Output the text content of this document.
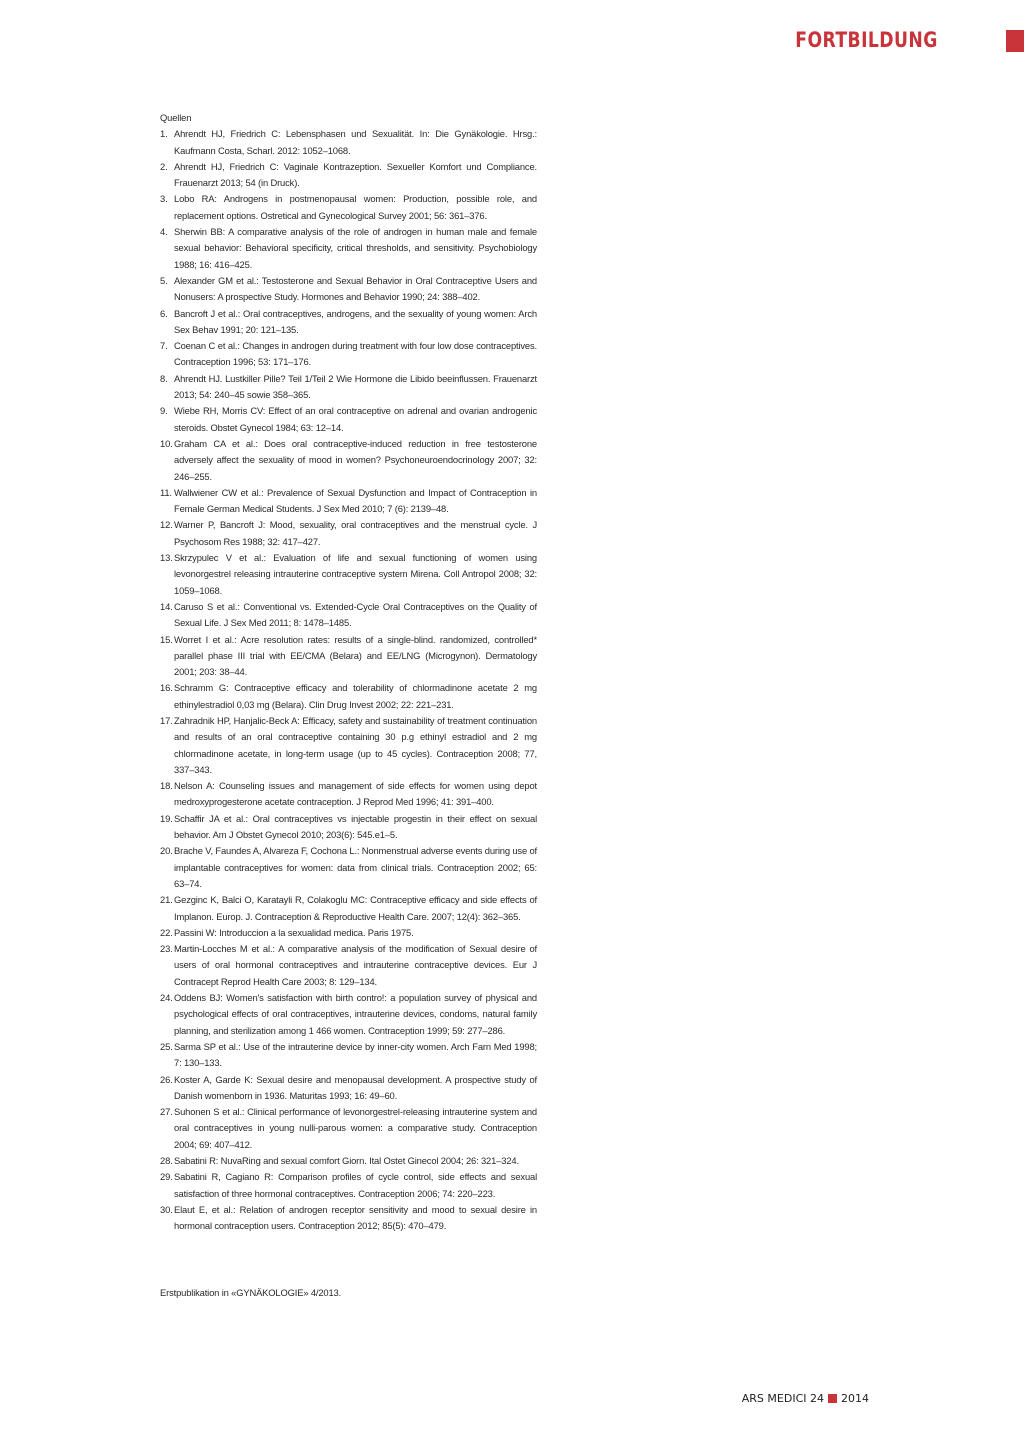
FORTBILDUNG
Quellen
1. Ahrendt HJ, Friedrich C: Lebensphasen und Sexualität. In: Die Gynäkologie. Hrsg.: Kaufmann Costa, Scharl. 2012: 1052–1068.
2. Ahrendt HJ, Friedrich C: Vaginale Kontrazeption. Sexueller Komfort und Compliance. Frauenarzt 2013; 54 (in Druck).
3. Lobo RA: Androgens in postmenopausal women: Production, possible role, and replacement options. Ostretical and Gynecological Survey 2001; 56: 361–376.
4. Sherwin BB: A comparative analysis of the role of androgen in human male and female sexual behavior: Behavioral specificity, critical thresholds, and sensitivity. Psychobiology 1988; 16: 416–425.
5. Alexander GM et al.: Testosterone and Sexual Behavior in Oral Contraceptive Users and Nonusers: A prospective Study. Hormones and Behavior 1990; 24: 388–402.
6. Bancroft J et al.: Oral contraceptives, androgens, and the sexuality of young women: Arch Sex Behav 1991; 20: 121–135.
7. Coenan C et al.: Changes in androgen during treatment with four low dose contraceptives. Contraception 1996; 53: 171–176.
8. Ahrendt HJ. Lustkiller Pille? Teil 1/Teil 2 Wie Hormone die Libido beeinflussen. Frauenarzt 2013; 54: 240–45 sowie 358–365.
9. Wiebe RH, Morris CV: Effect of an oral contraceptive on adrenal and ovarian androgenic steroids. Obstet Gynecol 1984; 63: 12–14.
10. Graham CA et al.: Does oral contraceptive-induced reduction in free testosterone adversely affect the sexuality of mood in women? Psychoneuroendocrinology 2007; 32: 246–255.
11. Wallwiener CW et al.: Prevalence of Sexual Dysfunction and Impact of Contraception in Female German Medical Students. J Sex Med 2010; 7 (6): 2139–48.
12. Warner P, Bancroft J: Mood, sexuality, oral contraceptives and the menstrual cycle. J Psychosom Res 1988; 32: 417–427.
13. Skrzypulec V et al.: Evaluation of life and sexual functioning of women using levonorgestrel releasing intrauterine contraceptive system Mirena. Coll Antropol 2008; 32: 1059–1068.
14. Caruso S et al.: Conventional vs. Extended-Cycle Oral Contraceptives on the Quality of Sexual Life. J Sex Med 2011; 8: 1478–1485.
15. Worret I et al.: Acre resolution rates: results of a single-blind. randomized, controlled* parallel phase III trial with EE/CMA (Belara) and EE/LNG (Microgynon). Dermatology 2001; 203: 38–44.
16. Schramm G: Contraceptive efficacy and tolerability of chlormadinone acetate 2 mg ethinylestradiol 0,03 mg (Belara). Clin Drug Invest 2002; 22: 221–231.
17. Zahradnik HP, Hanjalic-Beck A: Efficacy, safety and sustainability of treatment continuation and results of an oral contraceptive containing 30 p.g ethinyl estradiol and 2 mg chlormadinone acetate, in long-term usage (up to 45 cycles). Contraception 2008; 77, 337–343.
18. Nelson A: Counseling issues and management of side effects for women using depot medroxyprogesterone acetate contraception. J Reprod Med 1996; 41: 391–400.
19. Schaffir JA et al.: Oral contraceptives vs injectable progestin in their effect on sexual behavior. Am J Obstet Gynecol 2010; 203(6): 545.e1–5.
20. Brache V, Faundes A, Alvareza F, Cochona L.: Nonmenstrual adverse events during use of implantable contraceptives for women: data from clinical trials. Contraception 2002; 65: 63–74.
21. Gezginc K, Balci O, Karatayli R, Colakoglu MC: Contraceptive efficacy and side effects of Implanon. Europ. J. Contraception & Reproductive Health Care. 2007; 12(4): 362–365.
22. Passini W: Introduccion a la sexualidad medica. Paris 1975.
23. Martin-Locches M et al.: A comparative analysis of the modification of Sexual desire of users of oral hormonal contraceptives and intrauterine contraceptive devices. Eur J Contracept Reprod Health Care 2003; 8: 129–134.
24. Oddens BJ: Women's satisfaction with birth contro!: a population survey of physical and psychological effects of oral contraceptives, intrauterine devices, condoms, natural family planning, and sterilization among 1 466 women. Contraception 1999; 59: 277–286.
25. Sarma SP et al.: Use of the intrauterine device by inner-city women. Arch Farn Med 1998; 7: 130–133.
26. Koster A, Garde K: Sexual desire and menopausal development. A prospective study of Danish womenborn in 1936. Maturitas 1993; 16: 49–60.
27. Suhonen S et al.: Clinical performance of levonorgestrel-releasing intrauterine system and oral contraceptives in young nulli-parous women: a comparative study. Contraception 2004; 69: 407–412.
28. Sabatini R: NuvaRing and sexual comfort Giorn. Ital Ostet Ginecol 2004; 26: 321–324.
29. Sabatini R, Cagiano R: Comparison profiles of cycle control, side effects and sexual satisfaction of three hormonal contraceptives. Contraception 2006; 74: 220–223.
30. Elaut E, et al.: Relation of androgen receptor sensitivity and mood to sexual desire in hormonal contraception users. Contraception 2012; 85(5): 470–479.
Erstpublikation in «GYNÄKOLOGIE» 4/2013.
ARS MEDICI 24 2014
